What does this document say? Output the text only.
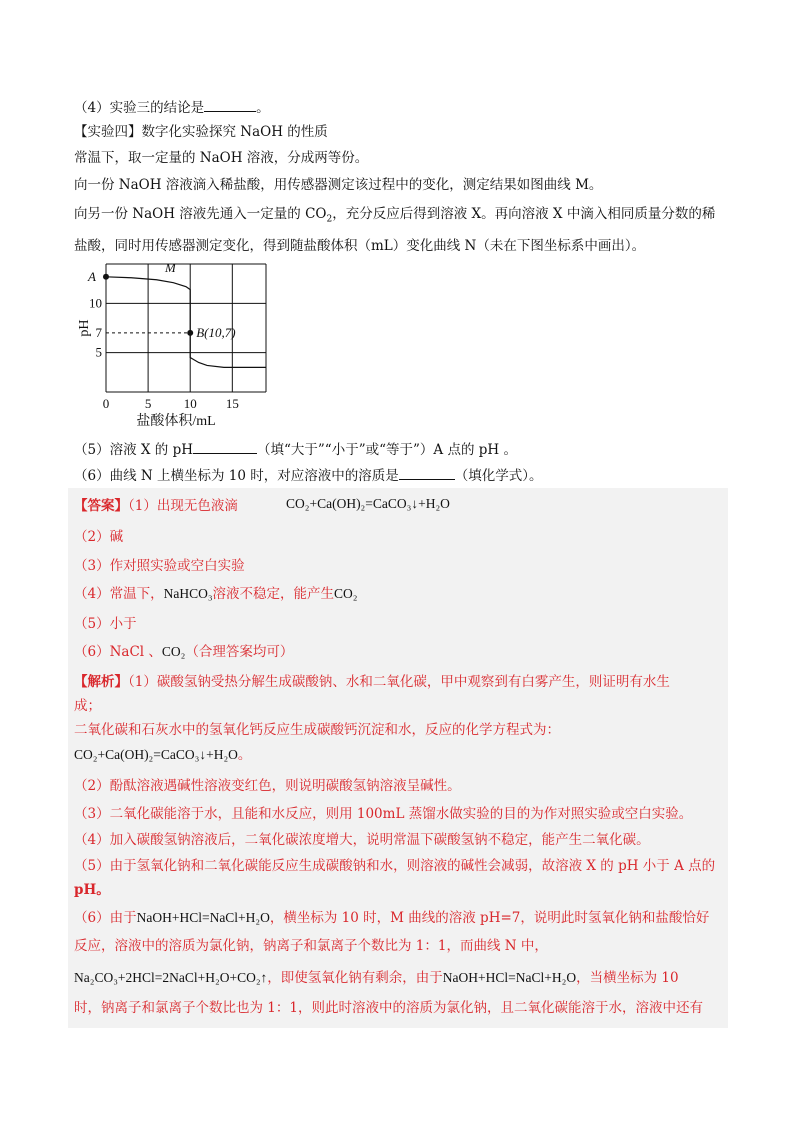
（4）实验三的结论是	。
【实验四】数字化实验探究 NaOH 的性质
常温下，取一定量的 NaOH 溶液，分成两等份。
向一份 NaOH 溶液滴入稀盐酸，用传感器测定该过程中的变化，测定结果如图曲线 M。
向另一份 NaOH 溶液先通入一定量的 $CO_2$，充分反应后得到溶液 X。再向溶液 X 中滴入相同质量分数的稀
盐酸，同时用传感器测定变化，得到随盐酸体积（mL）变化曲线 N（未在下图坐标系中画出）。
0	5 10 15
5
7
10
A
B(10,7)
M
pH
盐酸体积/mL
（5）溶液 X 的 pH	（填“大于”“小于”或“等于”）A 点的 pH 。
（6）曲线 N 上横坐标为 10 时，对应溶液中的溶质是	（填化学式）。
【答案】（1）出现无色液滴	CO₂+Ca(OH)₂=CaCO₃↓+H₂O
（2）碱
（3）作对照实验或空白实验
（4）常温下，NaHCO₃溶液不稳定，能产生CO₂
（5）小于
（6）NaCl 、CO₂（合理答案均可）
【解析】（1）碳酸氢钠受热分解生成碳酸钠、水和二氧化碳，甲中观察到有白雾产生，则证明有水生
成；
二氧化碳和石灰水中的氢氧化钙反应生成碳酸钙沉淀和水，反应的化学方程式为：
CO₂+Ca(OH)₂=CaCO₃↓+H₂O。
（2）酚酞溶液遇碱性溶液变红色，则说明碳酸氢钠溶液呈碱性。
（3）二氧化碳能溶于水，且能和水反应，则用 100mL 蒸馏水做实验的目的为作对照实验或空白实验。
（4）加入碳酸氢钠溶液后，二氧化碳浓度增大，说明常温下碳酸氢钠不稳定，能产生二氧化碳。
（5）由于氢氧化钠和二氧化碳能反应生成碳酸钠和水，则溶液的碱性会减弱，故溶液 X 的 pH 小于 A 点的
pH。
（6）由于NaOH+HCl=NaCl+H₂O，横坐标为 10 时，M 曲线的溶液 pH=7，说明此时氢氧化钠和盐酸恰好
反应，溶液中的溶质为氯化钠，钠离子和氯离子个数比为 1：1，而曲线 N 中，
Na₂CO₃+2HCl=2NaCl+H₂O+CO₂↑，即使氢氧化钠有剩余，由于NaOH+HCl=NaCl+H₂O，当横坐标为 10
时，钠离子和氯离子个数比也为 1：1，则此时溶液中的溶质为氯化钠，且二氧化碳能溶于水，溶液中还有
